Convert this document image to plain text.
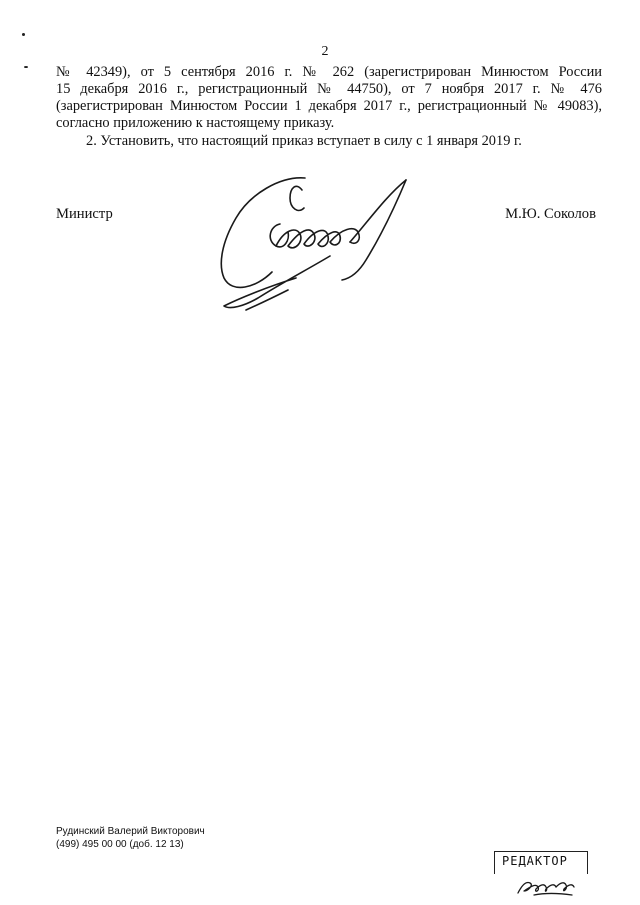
2
№ 42349), от 5 сентября 2016 г. № 262 (зарегистрирован Минюстом России
15 декабря 2016 г., регистрационный № 44750), от 7 ноября 2017 г. № 476
(зарегистрирован Минюстом России 1 декабря 2017 г., регистрационный № 49083),
согласно приложению к настоящему приказу.
2. Установить, что настоящий приказ вступает в силу с 1 января 2019 г.
Министр	М.Ю. Соколов
Рудинский Валерий Викторович
(499) 495 00 00 (доб. 12 13)
РЕДАКТОР
